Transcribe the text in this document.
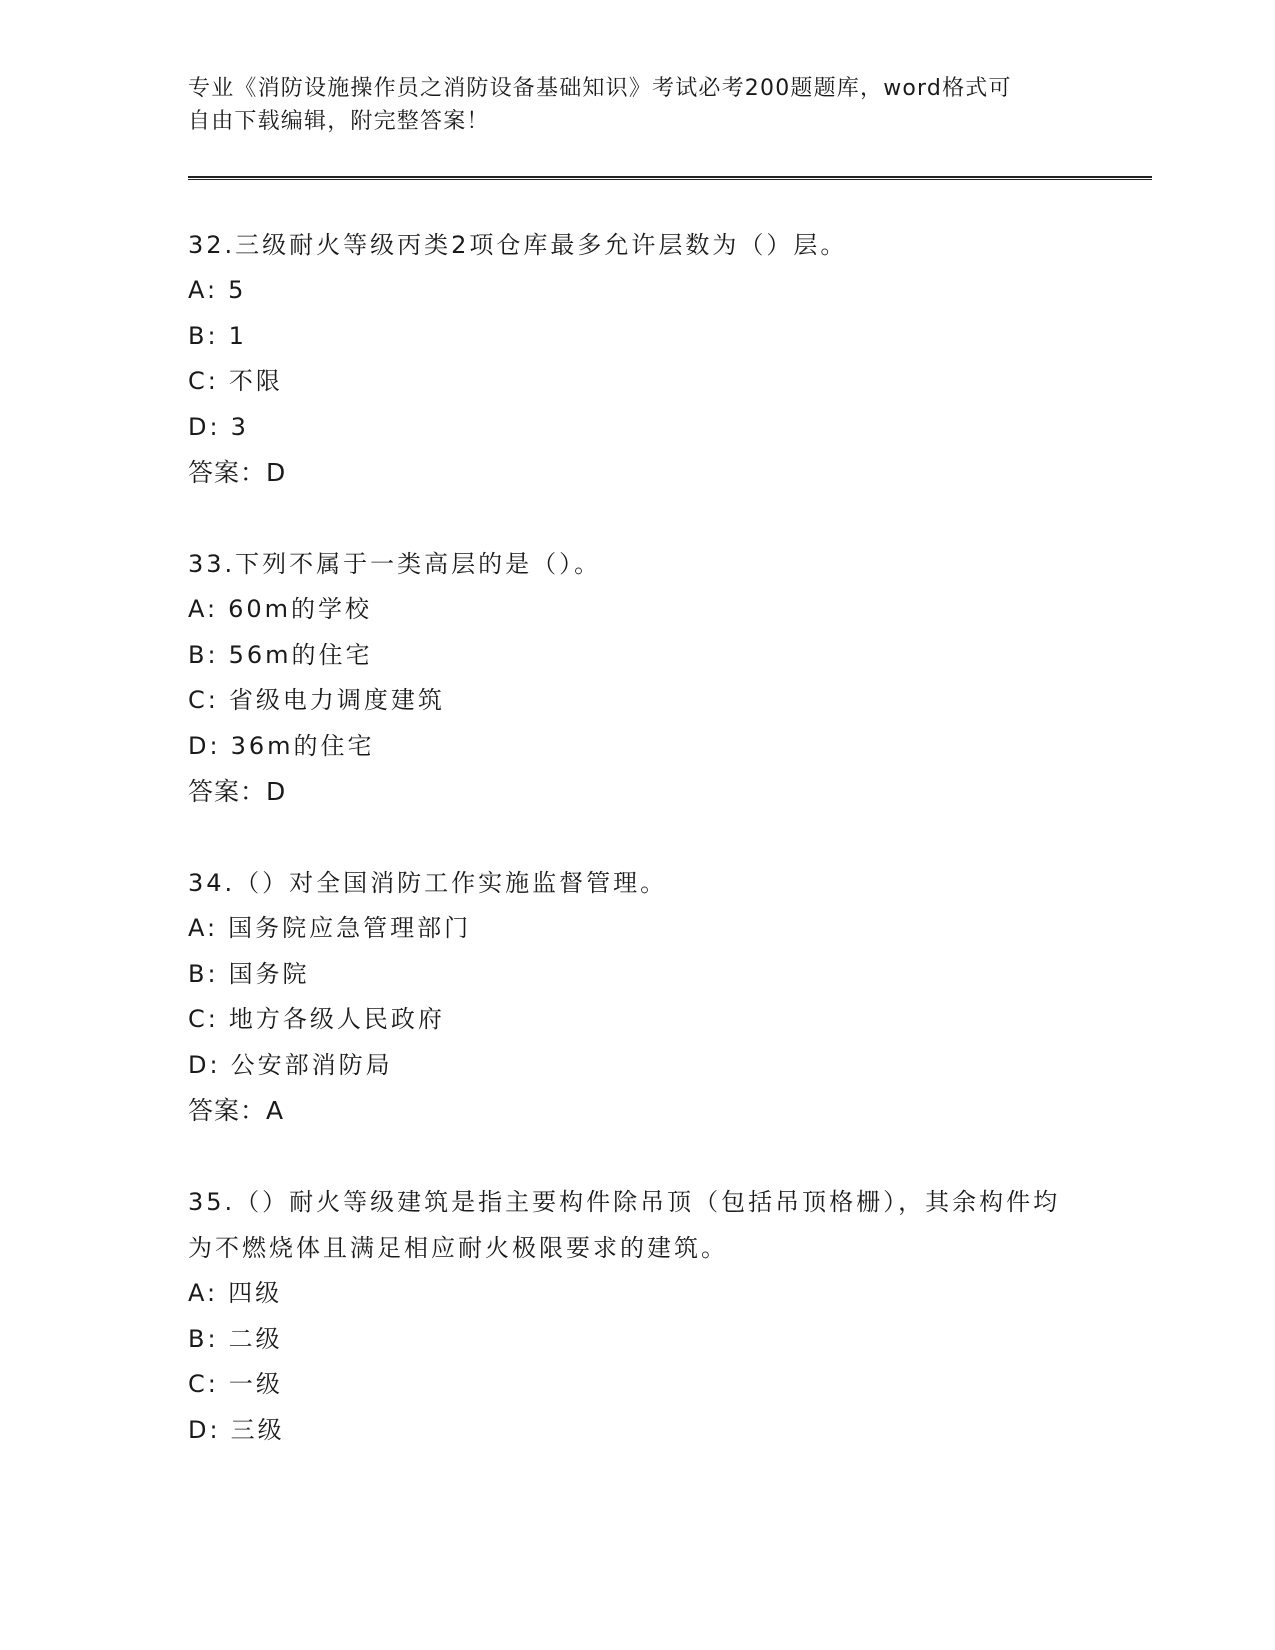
专业《消防设施操作员之消防设备基础知识》考试必考200题题库，word格式可
自由下载编辑，附完整答案！

32.三级耐火等级丙类2项仓库最多允许层数为（）层。

A: 5

B: 1

C: 不限

D: 3

答案：D

33.下列不属于一类高层的是（）。

A: 60m的学校

B: 56m的住宅

C: 省级电力调度建筑

D: 36m的住宅

答案：D

34.（）对全国消防工作实施监督管理。

A: 国务院应急管理部门

B: 国务院

C: 地方各级人民政府

D: 公安部消防局

答案：A

35.（）耐火等级建筑是指主要构件除吊顶（包括吊顶格栅），其余构件均为不燃烧体且满足相应耐火极限要求的建筑。

A: 四级

B: 二级

C: 一级

D: 三级
